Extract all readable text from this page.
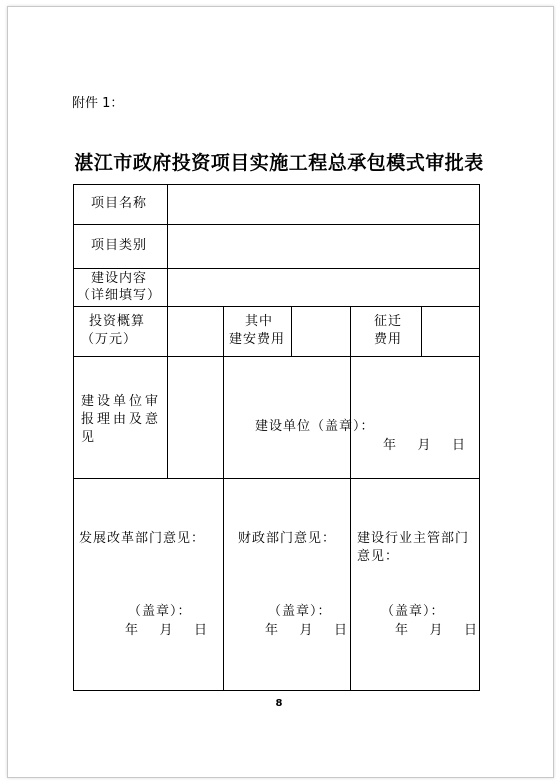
附件 1：
湛江市政府投资项目实施工程总承包模式审批表
项目名称
项目类别
建设内容
（详细填写）
投资概算
（万元）
其中
建安费用
征迁
费用
建设单位审
报理由及意
见
建设单位（盖章）：
年    月    日
发展改革部门意见：	财政部门意见： 建设行业主管部门
意见：
（盖章）：
年    月    日
（盖章）：
年    月    日
（盖章）：
年    月    日
8
